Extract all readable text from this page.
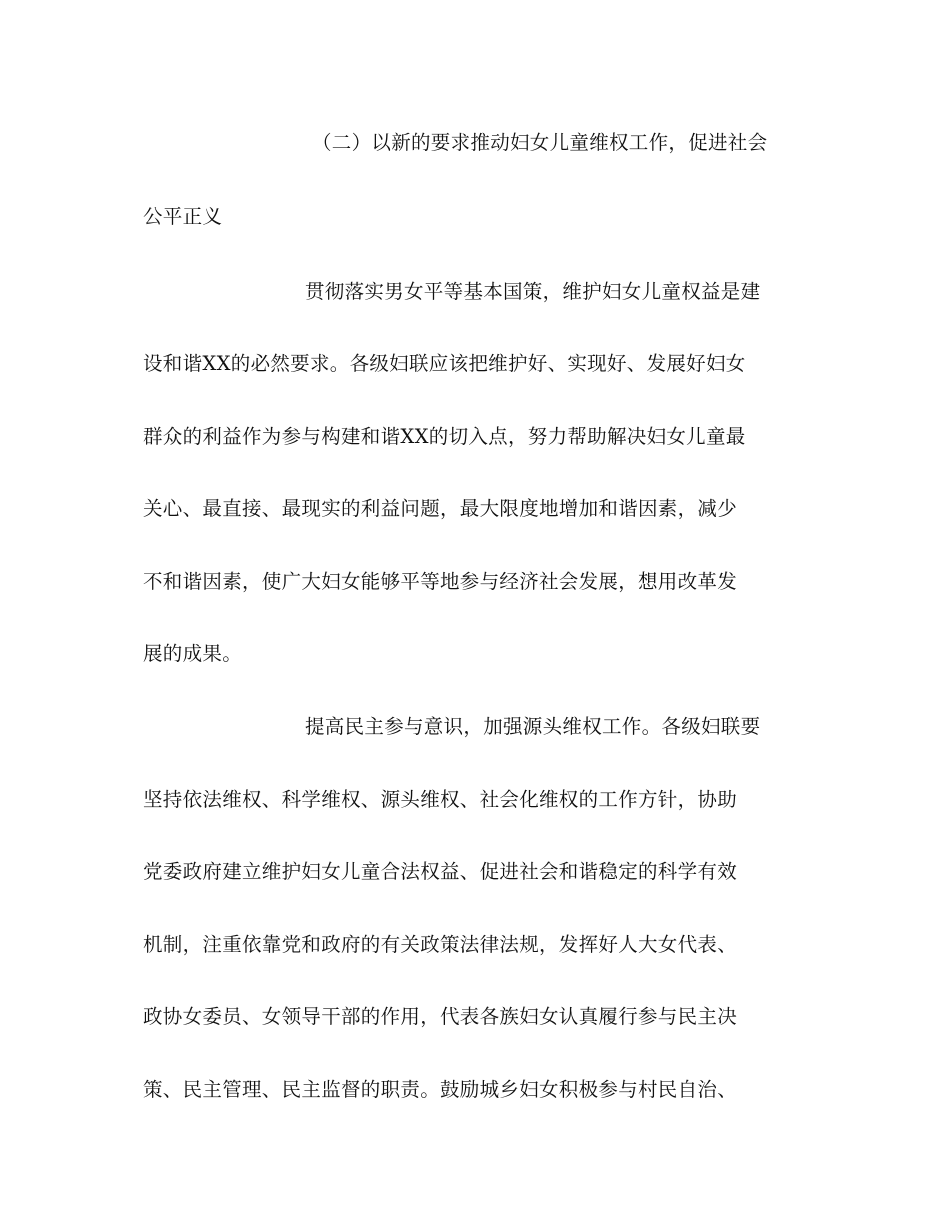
（二）以新的要求推动妇女儿童维权工作，促进社会
公平正义
贯彻落实男女平等基本国策，维护妇女儿童权益是建
设和谐XX的必然要求。各级妇联应该把维护好、实现好、发展好妇女
群众的利益作为参与构建和谐XX的切入点，努力帮助解决妇女儿童最
关心、最直接、最现实的利益问题，最大限度地增加和谐因素，减少
不和谐因素，使广大妇女能够平等地参与经济社会发展，想用改革发
展的成果。
提高民主参与意识，加强源头维权工作。各级妇联要
坚持依法维权、科学维权、源头维权、社会化维权的工作方针，协助
党委政府建立维护妇女儿童合法权益、促进社会和谐稳定的科学有效
机制，注重依靠党和政府的有关政策法律法规，发挥好人大女代表、
政协女委员、女领导干部的作用，代表各族妇女认真履行参与民主决
策、民主管理、民主监督的职责。鼓励城乡妇女积极参与村民自治、
